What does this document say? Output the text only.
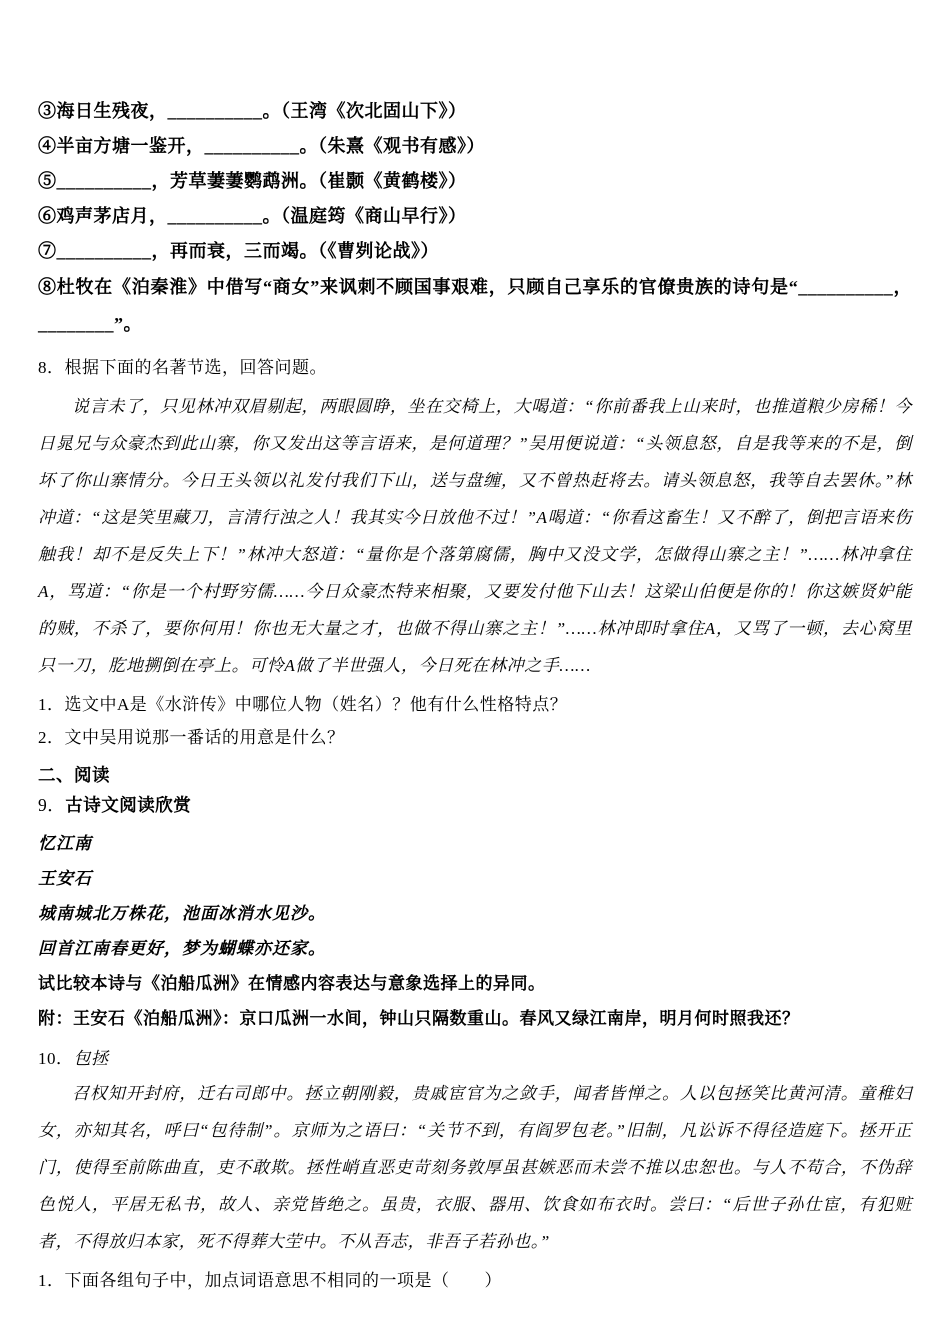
③海日生残夜，__________。（王湾《次北固山下》）

④半亩方塘一鉴开，__________。（朱熹《观书有感》）

⑤__________，芳草萋萋鹦鹉洲。（崔颢《黄鹤楼》）

⑥鸡声茅店月，__________。（温庭筠《商山早行》）

⑦__________，再而衰，三而竭。（《曹刿论战》）

⑧杜牧在《泊秦淮》中借写“商女”来讽刺不顾国事艰难，只顾自己享乐的官僚贵族的诗句是“__________，________”。

8．根据下面的名著节选，回答问题。

说言未了，只见林冲双眉剔起，两眼圆睁，坐在交椅上，大喝道：“你前番我上山来时，也推道粮少房稀！今日晁兄与众豪杰到此山寨，你又发出这等言语来，是何道理？”吴用便说道：“头领息怒，自是我等来的不是，倒坏了你山寨情分。今日王头领以礼发付我们下山，送与盘缠，又不曾热赶将去。请头领息怒，我等自去罢休。”林冲道：“这是笑里藏刀，言清行浊之人！我其实今日放他不过！”A喝道：“你看这畜生！又不醉了，倒把言语来伤触我！却不是反失上下！”林冲大怒道：“量你是个落第腐儒，胸中又没文学，怎做得山寨之主！”……林冲拿住A，骂道：“你是一个村野穷儒……今日众豪杰特来相聚，又要发付他下山去！这梁山伯便是你的！你这嫉贤妒能的贼，不杀了，要你何用！你也无大量之才，也做不得山寨之主！”……林冲即时拿住A，又骂了一顿，去心窝里只一刀，肐地搠倒在亭上。可怜A做了半世强人，今日死在林冲之手……

1．选文中A是《水浒传》中哪位人物（姓名）？他有什么性格特点？

2．文中吴用说那一番话的用意是什么？

二、阅读

9．古诗文阅读欣赏

忆江南

王安石

城南城北万株花，池面冰消水见沙。

回首江南春更好，梦为蝴蝶亦还家。

试比较本诗与《泊船瓜洲》在情感内容表达与意象选择上的异同。

附：王安石《泊船瓜洲》：京口瓜洲一水间，钟山只隔数重山。春风又绿江南岸，明月何时照我还？

10．包拯

召权知开封府，迁右司郎中。拯立朝刚毅，贵戚宦官为之敛手，闻者皆惮之。人以包拯笑比黄河清。童稚妇女，亦知其名，呼曰“包待制”。京师为之语曰：“关节不到，有阎罗包老。”旧制，凡讼诉不得径造庭下。拯开正门，使得至前陈曲直，吏不敢欺。拯性峭直恶吏苛刻务敦厚虽甚嫉恶而未尝不推以忠恕也。与人不苟合，不伪辞色悦人，平居无私书，故人、亲党皆绝之。虽贵，衣服、器用、饮食如布衣时。尝曰：“后世子孙仕宦，有犯赃者，不得放归本家，死不得葬大茔中。不从吾志，非吾子若孙也。”

1．下面各组句子中，加点词语意思不相同的一项是（　　）
